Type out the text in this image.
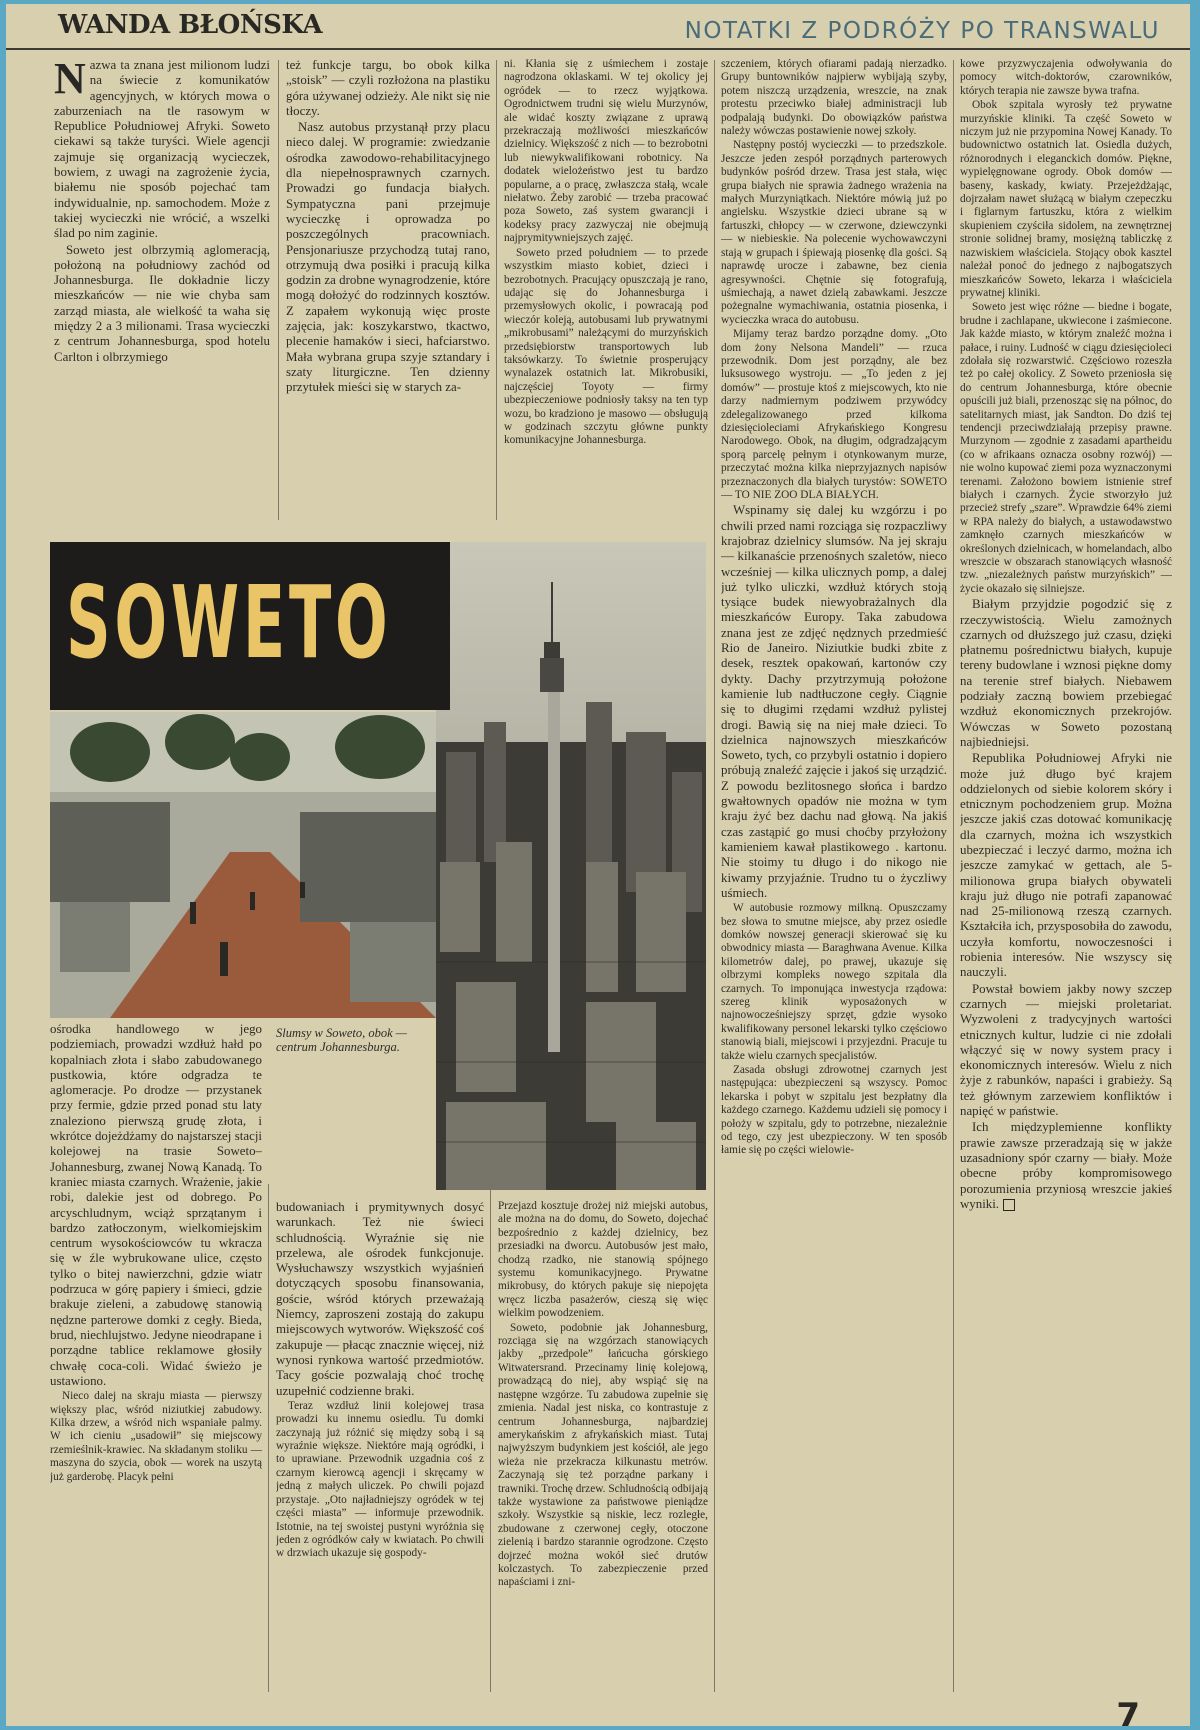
WANDA BŁOŃSKA	NOTATKI Z PODRÓŻY PO TRANSWALU

Nazwa ta znana jest milionom ludzi na świecie z komunikatów agencyjnych, w których mowa o zaburzeniach na tle rasowym w Republice Południowej Afryki. Soweto ciekawi są także turyści. Wiele agencji zajmuje się organizacją wycieczek, bowiem, z uwagi na zagrożenie życia, białemu nie sposób pojechać tam indywidualnie, np. samochodem. Może z takiej wycieczki nie wrócić, a wszelki ślad po nim zaginie.

Soweto jest olbrzymią aglomeracją, położoną na południowy zachód od Johannesburga. Ile dokładnie liczy mieszkańców — nie wie chyba sam zarząd miasta, ale wielkość ta waha się między 2 a 3 milionami. Trasa wycieczki z centrum Johannesburga, spod hotelu Carlton i olbrzymiego

też funkcje targu, bo obok kilka „stoisk” — czyli rozłożona na plastiku góra używanej odzieży. Ale nikt się nie tłoczy.

Nasz autobus przystanął przy placu nieco dalej. W programie: zwiedzanie ośrodka zawodowo-rehabilitacyjnego dla niepełnosprawnych czarnych. Prowadzi go fundacja białych. Sympatyczna pani przejmuje wycieczkę i oprowadza po poszczególnych pracowniach. Pensjonariusze przychodzą tutaj rano, otrzymują dwa posiłki i pracują kilka godzin za drobne wynagrodzenie, które mogą dołożyć do rodzinnych kosztów. Z zapałem wykonują więc proste zajęcia, jak: koszykarstwo, tkactwo, plecenie hamaków i sieci, hafciarstwo. Mała wybrana grupa szyje sztandary i szaty liturgiczne. Ten dzienny przytułek mieści się w starych za-

ni. Kłania się z uśmiechem i zostaje nagrodzona oklaskami. W tej okolicy jej ogródek — to rzecz wyjątkowa. Ogrodnictwem trudni się wielu Murzynów, ale widać koszty związane z uprawą przekraczają możliwości mieszkańców dzielnicy. Większość z nich — to bezrobotni lub niewykwalifikowani robotnicy. Na dodatek wielożeństwo jest tu bardzo popularne, a o pracę, zwłaszcza stałą, wcale niełatwo. Żeby zarobić — trzeba pracować poza Soweto, zaś system gwarancji i kodeksy pracy zazwyczaj nie obejmują najprymitywniejszych zajęć.

Soweto przed południem — to przede wszystkim miasto kobiet, dzieci i bezrobotnych. Pracujący opuszczają je rano, udając się do Johannesburga i przemysłowych okolic, i powracają pod wieczór koleją, autobusami lub prywatnymi „mikrobusami” należącymi do murzyńskich przedsiębiorstw transportowych lub taksówkarzy. To świetnie prosperujący wynalazek ostatnich lat. Mikrobusiki, najczęściej Toyoty — firmy ubezpieczeniowe podniosły taksy na ten typ wozu, bo kradziono je masowo — obsługują w godzinach szczytu główne punkty komunikacyjne Johannesburga.

szczeniem, których ofiarami padają nierzadko. Grupy buntowników najpierw wybijają szyby, potem niszczą urządzenia, wreszcie, na znak protestu przeciwko białej administracji lub podpalają budynki. Do obowiązków państwa należy wówczas postawienie nowej szkoły.

Następny postój wycieczki — to przedszkole. Jeszcze jeden zespół porządnych parterowych budynków pośród drzew. Trasa jest stała, więc grupa białych nie sprawia żadnego wrażenia na małych Murzyniątkach. Niektóre mówią już po angielsku. Wszystkie dzieci ubrane są w fartuszki, chłopcy — w czerwone, dziewczynki — w niebieskie. Na polecenie wychowawczyni stają w grupach i śpiewają piosenkę dla gości. Są naprawdę urocze i zabawne, bez cienia agresywności. Chętnie się fotografują, uśmiechają, a nawet dzielą zabawkami. Jeszcze pożegnalne wymachiwania, ostatnia piosenka, i wycieczka wraca do autobusu.

Mijamy teraz bardzo porządne domy. „Oto dom żony Nelsona Mandeli” — rzuca przewodnik. Dom jest porządny, ale bez luksusowego wystroju. — „To jeden z jej domów” — prostuje ktoś z miejscowych, kto nie darzy nadmiernym podziwem przywódcy zdelegalizowanego przed kilkoma dziesięcioleciami Afrykańskiego Kongresu Narodowego. Obok, na długim, odgradzającym sporą parcelę pełnym i otynkowanym murze, przeczytać można kilka nieprzyjaznych napisów przeznaczonych dla białych turystów: SOWETO — TO NIE ZOO DLA BIAŁYCH.

Wspinamy się dalej ku wzgórzu i po chwili przed nami rozciąga się rozpaczliwy krajobraz dzielnicy slumsów. Na jej skraju — kilkanaście przenośnych szaletów, nieco wcześniej — kilka ulicznych pomp, a dalej już tylko uliczki, wzdłuż których stoją tysiące budek niewyobrażalnych dla mieszkańców Europy. Taka zabudowa znana jest ze zdjęć nędznych przedmieść Rio de Janeiro. Niziutkie budki zbite z desek, resztek opakowań, kartonów czy dykty. Dachy przytrzymują położone kamienie lub nadtłuczone cegły. Ciągnie się to długimi rzędami wzdłuż pylistej drogi. Bawią się na niej małe dzieci. To dzielnica najnowszych mieszkańców Soweto, tych, co przybyli ostatnio i dopiero próbują znaleźć zajęcie i jakoś się urządzić. Z powodu bezlitosnego słońca i bardzo gwałtownych opadów nie można w tym kraju żyć bez dachu nad głową. Na jakiś czas zastąpić go musi choćby przyłożony kamieniem kawał plastikowego . kartonu. Nie stoimy tu długo i do nikogo nie kiwamy przyjaźnie. Trudno tu o życzliwy uśmiech.

W autobusie rozmowy milkną. Opuszczamy bez słowa to smutne miejsce, aby przez osiedle domków nowszej generacji skierować się ku obwodnicy miasta — Baraghwana Avenue. Kilka kilometrów dalej, po prawej, ukazuje się olbrzymi kompleks nowego szpitala dla czarnych. To imponująca inwestycja rządowa: szereg klinik wyposażonych w najnowocześniejszy sprzęt, gdzie wysoko kwalifikowany personel lekarski tylko częściowo stanowią biali, miejscowi i przyjezdni. Pracuje tu także wielu czarnych specjalistów.

Zasada obsługi zdrowotnej czarnych jest następująca: ubezpieczeni są wszyscy. Pomoc lekarska i pobyt w szpitalu jest bezpłatny dla każdego czarnego. Każdemu udzieli się pomocy i położy w szpitalu, gdy to potrzebne, niezależnie od tego, czy jest ubezpieczony. W ten sposób łamie się po części wielowie-

kowe przyzwyczajenia odwoływania do pomocy witch-doktorów, czarowników, których terapia nie zawsze bywa trafna.

Obok szpitala wyrosły też prywatne murzyńskie kliniki. Ta część Soweto w niczym już nie przypomina Nowej Kanady. To budownictwo ostatnich lat. Osiedla dużych, różnorodnych i eleganckich domów. Piękne, wypielęgnowane ogrody. Obok domów — baseny, kaskady, kwiaty. Przejeżdżając, dojrzałam nawet służącą w białym czepeczku i figlarnym fartuszku, która z wielkim skupieniem czyściła sidolem, na zewnętrznej stronie solidnej bramy, mosiężną tabliczkę z nazwiskiem właściciela. Stojący obok kasztel należał ponoć do jednego z najbogatszych mieszkańców Soweto, lekarza i właściciela prywatnej kliniki.

Soweto jest więc różne — biedne i bogate, brudne i zachlapane, ukwiecone i zaśmiecone. Jak każde miasto, w którym znaleźć można i pałace, i ruiny. Ludność w ciągu dziesięcioleci zdołała się rozwarstwić. Częściowo rozeszła też po całej okolicy. Z Soweto przeniosła się do centrum Johannesburga, które obecnie opuścili już biali, przenosząc się na północ, do satelitarnych miast, jak Sandton. Do dziś tej tendencji przeciwdziałają przepisy prawne. Murzynom — zgodnie z zasadami apartheidu (co w afrikaans oznacza osobny rozwój) — nie wolno kupować ziemi poza wyznaczonymi terenami. Założono bowiem istnienie stref białych i czarnych. Życie stworzyło już przecież strefy „szare”. Wprawdzie 64% ziemi w RPA należy do białych, a ustawodawstwo zamknęło czarnych mieszkańców w określonych dzielnicach, w homelandach, albo wreszcie w obszarach stanowiących własność tzw. „niezależnych państw murzyńskich” — życie okazało się silniejsze.

Białym przyjdzie pogodzić się z rzeczywistością. Wielu zamożnych czarnych od dłuższego już czasu, dzięki płatnemu pośrednictwu białych, kupuje tereny budowlane i wznosi piękne domy na terenie stref białych. Niebawem podziały zaczną bowiem przebiegać wzdłuż ekonomicznych przekrojów. Wówczas w Soweto pozostaną najbiedniejsi.

Republika Południowej Afryki nie może już długo być krajem oddzielonych od siebie kolorem skóry i etnicznym pochodzeniem grup. Można jeszcze jakiś czas dotować komunikację dla czarnych, można ich wszystkich ubezpieczać i leczyć darmo, można ich jeszcze zamykać w gettach, ale 5-milionowa grupa białych obywateli kraju już długo nie potrafi zapanować nad 25-milionową rzeszą czarnych. Kształciła ich, przysposobiła do zawodu, uczyła komfortu, nowoczesności i robienia interesów. Nie wszyscy się nauczyli.

Powstał bowiem jakby nowy szczep czarnych — miejski proletariat. Wyzwoleni z tradycyjnych wartości etnicznych kultur, ludzie ci nie zdołali włączyć się w nowy system pracy i ekonomicznych interesów. Wielu z nich żyje z rabunków, napaści i grabieży. Są też głównym zarzewiem konfliktów i napięć w państwie.

Ich międzyplemienne konflikty prawie zawsze przeradzają się w jakże uzasadniony spór czarny — biały. Może obecne próby kompromisowego porozumienia przyniosą wreszcie jakieś wyniki.

SOWETO
Slumsy w Soweto, obok — centrum Johannesburga.

ośrodka handlowego w jego podziemiach, prowadzi wzdłuż hałd po kopalniach złota i słabo zabudowanego pustkowia, które odgradza te aglomeracje. Po drodze — przystanek przy fermie, gdzie przed ponad stu laty znaleziono pierwszą grudę złota, i wkrótce dojeżdżamy do najstarszej stacji kolejowej na trasie Soweto–Johannesburg, zwanej Nową Kanadą. To kraniec miasta czarnych. Wrażenie, jakie robi, dalekie jest od dobrego. Po arcyschludnym, wciąż sprzątanym i bardzo zatłoczonym, wielkomiejskim centrum wysokościowców tu wkracza się w źle wybrukowane ulice, często tylko o bitej nawierzchni, gdzie wiatr podrzuca w górę papiery i śmieci, gdzie brakuje zieleni, a zabudowę stanowią nędzne parterowe domki z cegły. Bieda, brud, niechlujstwo. Jedyne nieodrapane i porządne tablice reklamowe głosiły chwałę coca-coli. Widać świeżo je ustawiono.

Nieco dalej na skraju miasta — pierwszy większy plac, wśród niziutkiej zabudowy. Kilka drzew, a wśród nich wspaniałe palmy. W ich cieniu „usadowił” się miejscowy rzemieślnik-krawiec. Na składanym stoliku — maszyna do szycia, obok — worek na uszytą już garderobę. Placyk pełni

budowaniach i prymitywnych dosyć warunkach. Też nie świeci schludnością. Wyraźnie się nie przelewa, ale ośrodek funkcjonuje. Wysłuchawszy wszystkich wyjaśnień dotyczących sposobu finansowania, goście, wśród których przeważają Niemcy, zaproszeni zostają do zakupu miejscowych wytworów. Większość coś zakupuje — płacąc znacznie więcej, niż wynosi rynkowa wartość przedmiotów. Tacy goście pozwalają choć trochę uzupełnić codzienne braki.

Teraz wzdłuż linii kolejowej trasa prowadzi ku innemu osiedlu. Tu domki zaczynają już różnić się między sobą i są wyraźnie większe. Niektóre mają ogródki, i to uprawiane. Przewodnik uzgadnia coś z czarnym kierowcą agencji i skręcamy w jedną z małych uliczek. Po chwili pojazd przystaje. „Oto najładniejszy ogródek w tej części miasta” — informuje przewodnik. Istotnie, na tej swoistej pustyni wyróżnia się jeden z ogródków cały w kwiatach. Po chwili w drzwiach ukazuje się gospody-

Przejazd kosztuje drożej niż miejski autobus, ale można na do domu, do Soweto, dojechać bezpośrednio z każdej dzielnicy, bez przesiadki na dworcu. Autobusów jest mało, chodzą rzadko, nie stanowią spójnego systemu komunikacyjnego. Prywatne mikrobusy, do których pakuje się niepojęta wręcz liczba pasażerów, cieszą się więc wielkim powodzeniem.

Soweto, podobnie jak Johannesburg, rozciąga się na wzgórzach stanowiących jakby „przedpole” łańcucha górskiego Witwatersrand. Przecinamy linię kolejową, prowadzącą do niej, aby wspiąć się na następne wzgórze. Tu zabudowa zupełnie się zmienia. Nadal jest niska, co kontrastuje z centrum Johannesburga, najbardziej amerykańskim z afrykańskich miast. Tutaj najwyższym budynkiem jest kościół, ale jego wieża nie przekracza kilkunastu metrów. Zaczynają się też porządne parkany i trawniki. Trochę drzew. Schludnością odbijają także wystawione za państwowe pieniądze szkoły. Wszystkie są niskie, lecz rozległe, zbudowane z czerwonej cegły, otoczone zielenią i bardzo starannie ogrodzone. Często dojrzeć można wokół sieć drutów kolczastych. To zabezpieczenie przed napaściami i zni-

7
